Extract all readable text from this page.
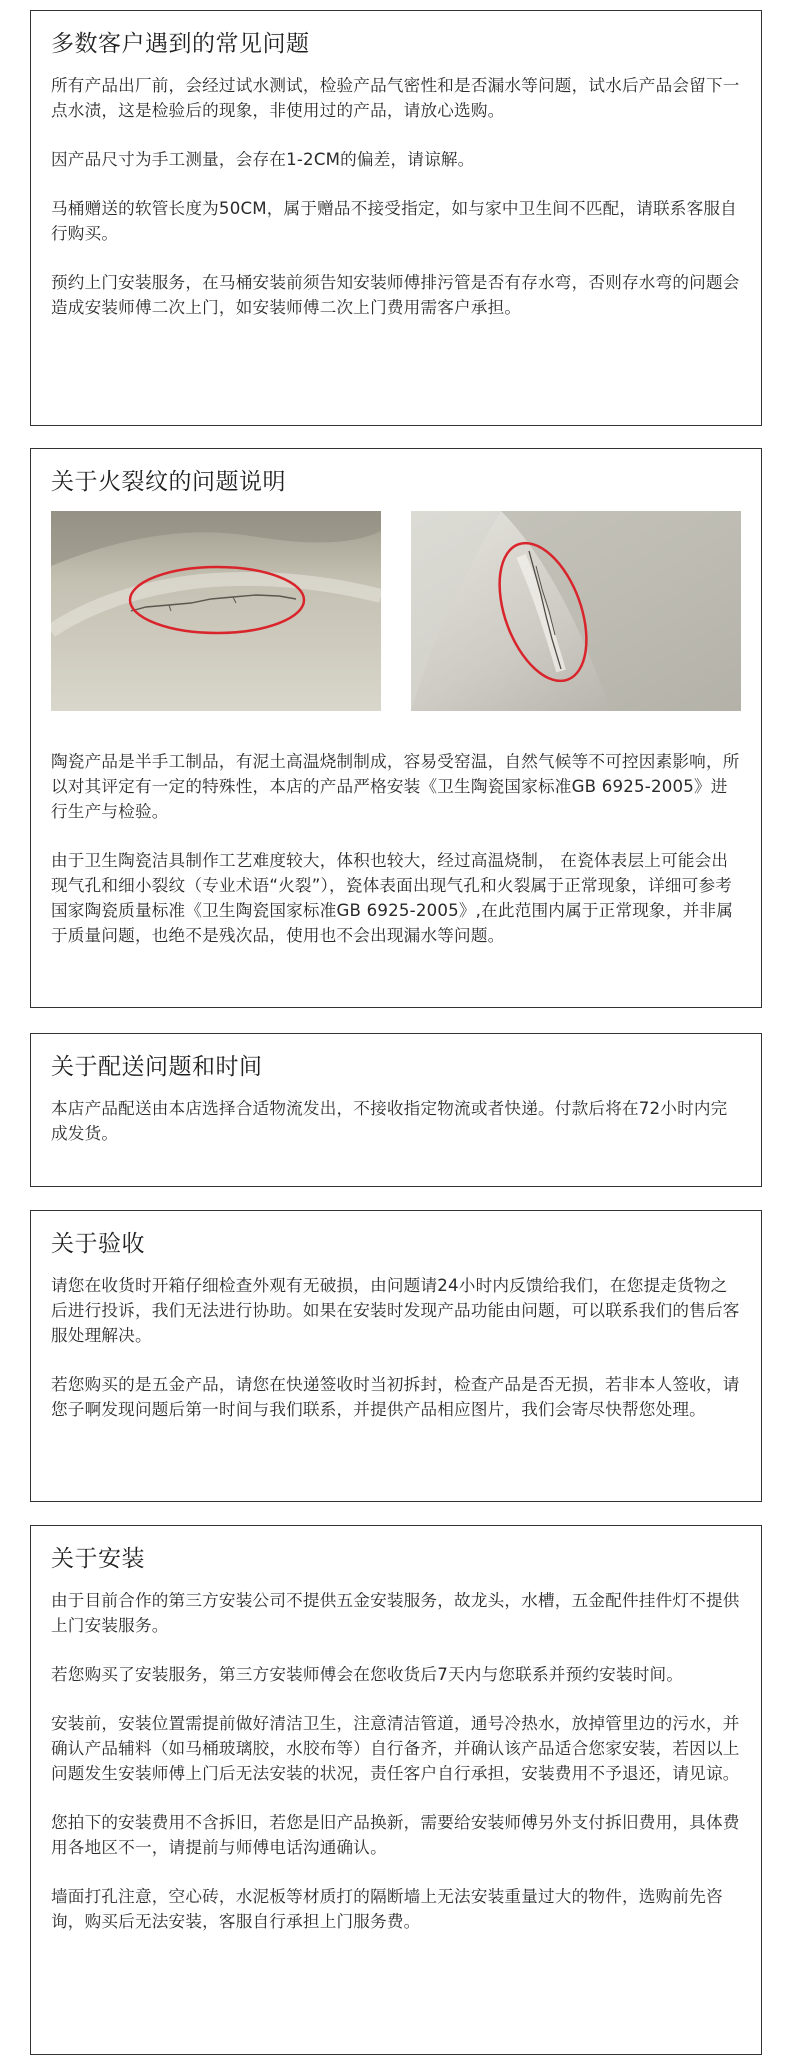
多数客户遇到的常见问题

所有产品出厂前，会经过试水测试，检验产品气密性和是否漏水等问题，试水后产品会留下一点水渍，这是检验后的现象，非使用过的产品，请放心选购。

因产品尺寸为手工测量，会存在1-2CM的偏差，请谅解。

马桶赠送的软管长度为50CM，属于赠品不接受指定，如与家中卫生间不匹配，请联系客服自行购买。

预约上门安装服务，在马桶安装前须告知安装师傅排污管是否有存水弯，否则存水弯的问题会造成安装师傅二次上门，如安装师傅二次上门费用需客户承担。

关于火裂纹的问题说明

陶瓷产品是半手工制品，有泥土高温烧制制成，容易受窑温，自然气候等不可控因素影响，所以对其评定有一定的特殊性，本店的产品严格安装《卫生陶瓷国家标准GB 6925-2005》进行生产与检验。

由于卫生陶瓷洁具制作工艺难度较大，体积也较大，经过高温烧制， 在瓷体表层上可能会出现气孔和细小裂纹（专业术语“火裂”），瓷体表面出现气孔和火裂属于正常现象，详细可参考国家陶瓷质量标准《卫生陶瓷国家标准GB 6925-2005》,在此范围内属于正常现象，并非属于质量问题，也绝不是残次品，使用也不会出现漏水等问题。

关于配送问题和时间

本店产品配送由本店选择合适物流发出，不接收指定物流或者快递。付款后将在72小时内完成发货。

关于验收

请您在收货时开箱仔细检查外观有无破损，由问题请24小时内反馈给我们，在您提走货物之后进行投诉，我们无法进行协助。如果在安装时发现产品功能由问题，可以联系我们的售后客服处理解决。

若您购买的是五金产品，请您在快递签收时当初拆封，检查产品是否无损，若非本人签收，请您子啊发现问题后第一时间与我们联系，并提供产品相应图片，我们会寄尽快帮您处理。

关于安装

由于目前合作的第三方安装公司不提供五金安装服务，故龙头，水槽，五金配件挂件灯不提供上门安装服务。

若您购买了安装服务，第三方安装师傅会在您收货后7天内与您联系并预约安装时间。

安装前，安装位置需提前做好清洁卫生，注意清洁管道，通号冷热水，放掉管里边的污水，并确认产品辅料（如马桶玻璃胶，水胶布等）自行备齐，并确认该产品适合您家安装，若因以上问题发生安装师傅上门后无法安装的状况，责任客户自行承担，安装费用不予退还，请见谅。

您拍下的安装费用不含拆旧，若您是旧产品换新，需要给安装师傅另外支付拆旧费用，具体费用各地区不一，请提前与师傅电话沟通确认。

墙面打孔注意，空心砖，水泥板等材质打的隔断墙上无法安装重量过大的物件，选购前先咨询，购买后无法安装，客服自行承担上门服务费。
